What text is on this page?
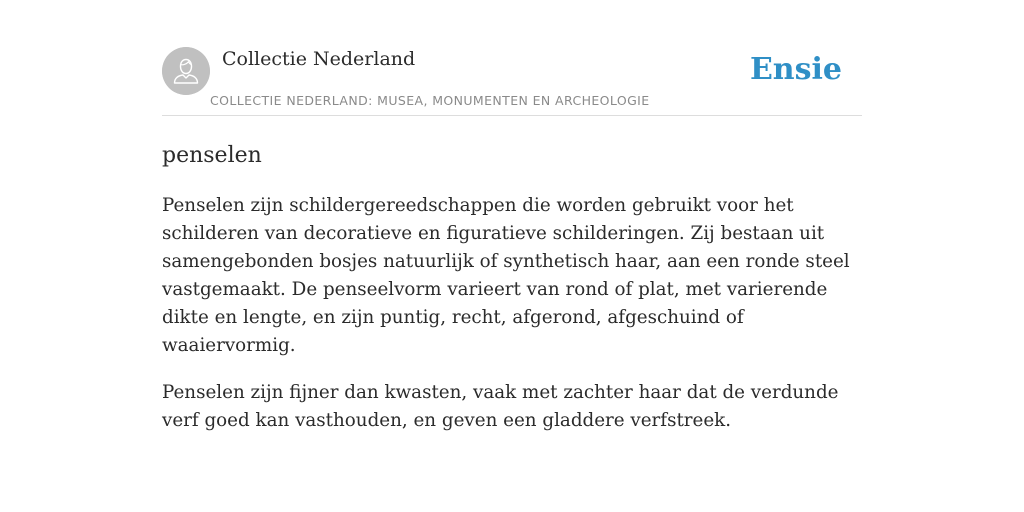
Collectie Nederland
COLLECTIE NEDERLAND: MUSEA, MONUMENTEN EN ARCHEOLOGIE
Ensie
penselen

Penselen zijn schildergereedschappen die worden gebruikt voor het schilderen van decoratieve en figuratieve schilderingen. Zij bestaan uit samengebonden bosjes natuurlijk of synthetisch haar, aan een ronde steel vastgemaakt. De penseelvorm varieert van rond of plat, met varierende dikte en lengte, en zijn puntig, recht, afgerond, afgeschuind of waaiervormig.

Penselen zijn fijner dan kwasten, vaak met zachter haar dat de verdunde verf goed kan vasthouden, en geven een gladdere verfstreek.
